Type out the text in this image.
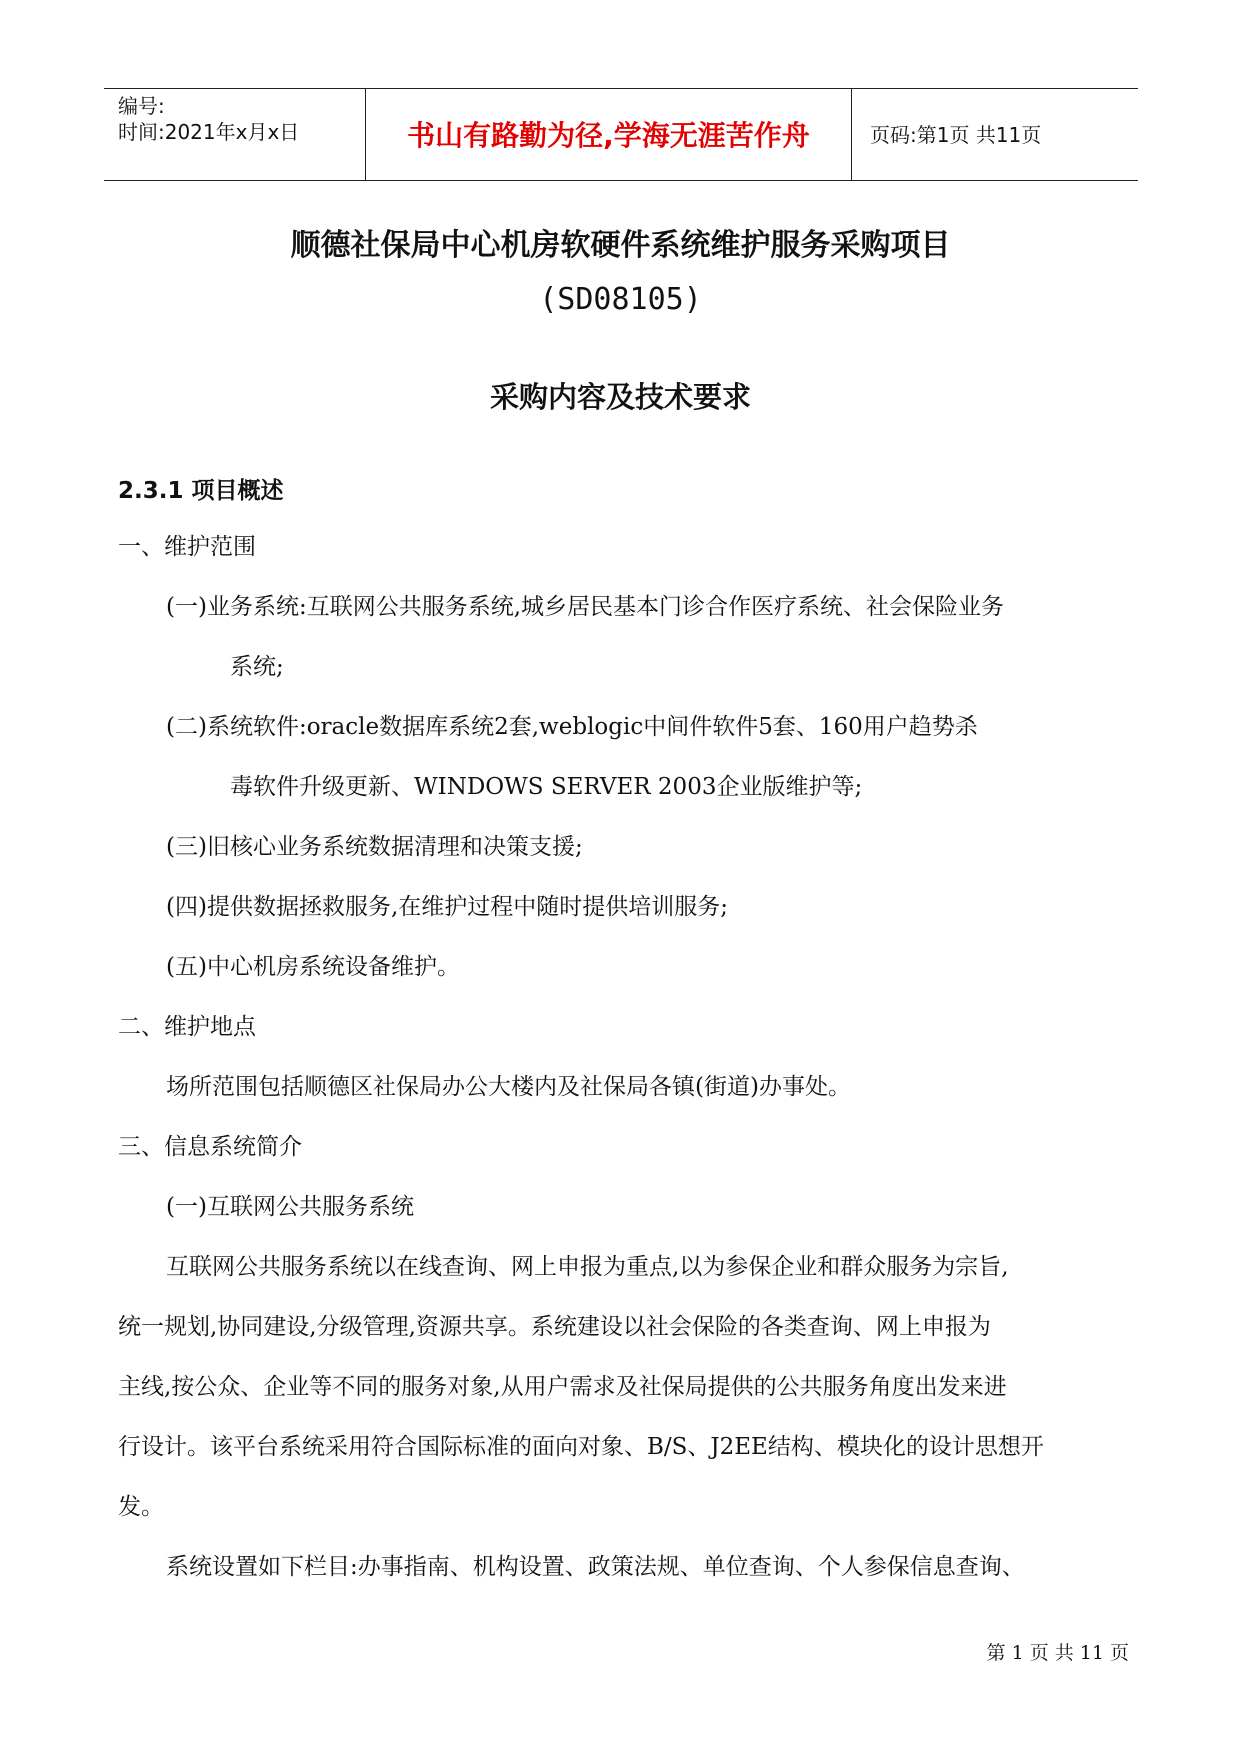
编号:
时间:2021年x月x日	书山有路勤为径,学海无涯苦作舟	页码:第1页 共11页
顺德社保局中心机房软硬件系统维护服务采购项目
(SD08105)
采购内容及技术要求
2.3.1 项目概述
一、维护范围
(一)业务系统:互联网公共服务系统,城乡居民基本门诊合作医疗系统、社会保险业务
系统;
(二)系统软件:oracle数据库系统2套,weblogic中间件软件5套、160用户趋势杀
毒软件升级更新、WINDOWS SERVER 2003企业版维护等;
(三)旧核心业务系统数据清理和决策支援;
(四)提供数据拯救服务,在维护过程中随时提供培训服务;
(五)中心机房系统设备维护。
二、维护地点
场所范围包括顺德区社保局办公大楼内及社保局各镇(街道)办事处。
三、信息系统简介
(一)互联网公共服务系统
互联网公共服务系统以在线查询、网上申报为重点,以为参保企业和群众服务为宗旨,
统一规划,协同建设,分级管理,资源共享。系统建设以社会保险的各类查询、网上申报为
主线,按公众、企业等不同的服务对象,从用户需求及社保局提供的公共服务角度出发来进
行设计。该平台系统采用符合国际标准的面向对象、B/S、J2EE结构、模块化的设计思想开
发。
系统设置如下栏目:办事指南、机构设置、政策法规、单位查询、个人参保信息查询、
第 1 页 共 11 页
